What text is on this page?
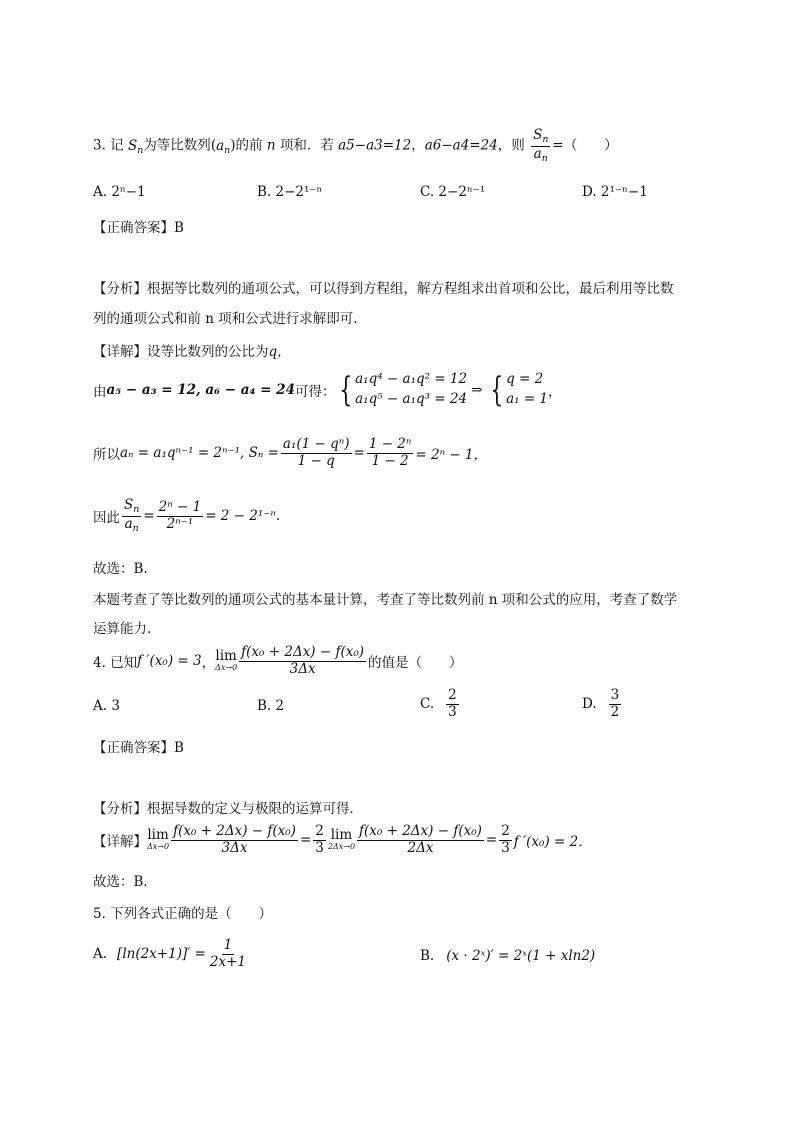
3. 记 $S_n$为等比数列$(a_n)$的前 n 项和．若 a5−a3=12，a6−a4=24，则 $\frac{S_n}{a_n}$ =（　　）
A. 2ⁿ−1	B. 2−2¹⁻ⁿ	C. 2−2ⁿ⁻¹	D. 2¹⁻ⁿ−1
【正确答案】B
【分析】根据等比数列的通项公式，可以得到方程组，解方程组求出首项和公比，最后利用等比数
列的通项公式和前 n 项和公式进行求解即可.
【详解】设等比数列的公比为q，
由 a₅ − a₃ = 12, a₆ − a₄ = 24 可得： { a₁q⁴ − a₁q² = 12
a₁q⁵ − a₁q³ = 24
⇒ { q = 2
a₁ = 1 ，
所以 aₙ = a₁qⁿ⁻¹ = 2ⁿ⁻¹, $S_n = \frac{\text{a₁(1 − qⁿ)}}{1 - q} = \frac{\text{1 − 2ⁿ}}{1 - 2} = 2^n - 1$，
因此 $\frac{S_n}{a_n} = \frac{\text{2ⁿ − 1}}{\text{2ⁿ⁻¹}} = 2 - 2^{1-n}$.
故选：B.
本题考查了等比数列的通项公式的基本量计算，考查了等比数列前 n 项和公式的应用，考查了数学
运算能力.
4. 已知 f ′(x₀) = 3 ， lim
$\Delta x\to 0 \frac{\text{f(x₀ + 2Δx) − f(x₀)}}{3\Delta x}$ 的值是（　　）
A. 3	B. 2	C. $\frac{2}{3}$	D. $\frac{3}{2}$
【正确答案】B
【分析】根据导数的定义与极限的运算可得．
【详解】 lim
$\Delta x\to 0 \frac{\text{f(x₀ + 2Δx) − f(x₀)}}{3\Delta x} = \frac{2}{3}$ lim
$2\Delta x\to 0 \frac{\text{f(x₀ + 2Δx) − f(x₀)}}{2\Delta x} = \frac{2}{3}$ f ′(x₀) = 2．
故选：B．
5. 下列各式正确的是（　　）
A. $[\ln(2x+1)]' = \frac{1}{2x+1}$	B. (x · 2ˣ)′ = 2ˣ(1 + xln2)
